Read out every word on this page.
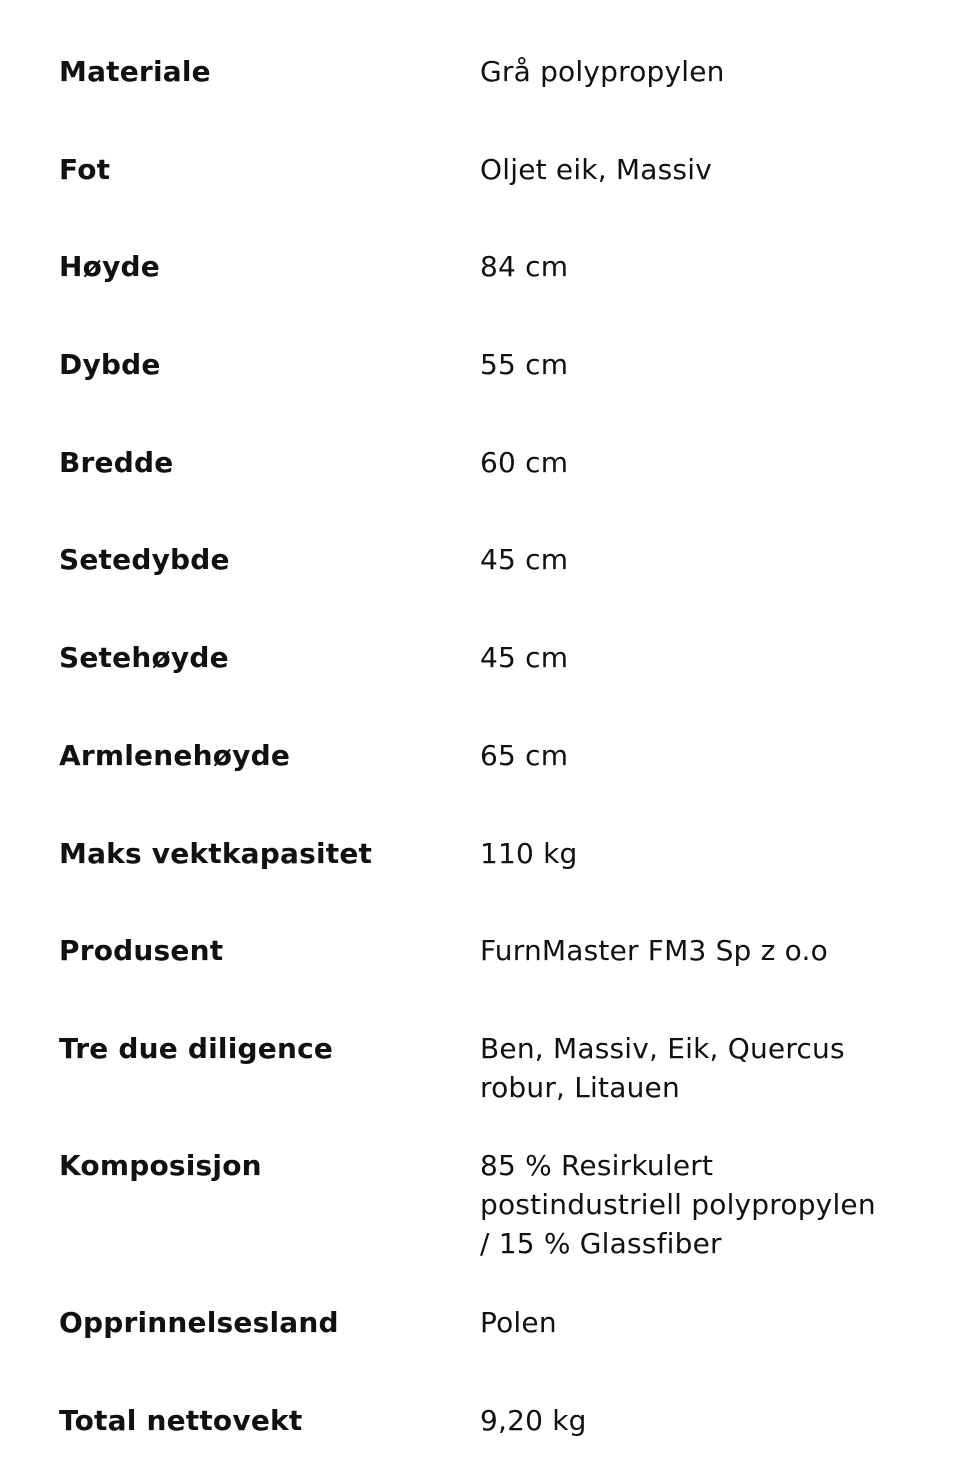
Materiale	Grå polypropylen
Fot	Oljet eik, Massiv
Høyde	84 cm
Dybde	55 cm
Bredde	60 cm
Setedybde	45 cm
Setehøyde	45 cm
Armlenehøyde	65 cm
Maks vektkapasitet	110 kg
Produsent	FurnMaster FM3 Sp z o.o
Tre due diligence	Ben, Massiv, Eik, Quercus
robur, Litauen
Komposisjon	85 % Resirkulert
postindustriell polypropylen
/ 15 % Glassfiber
Opprinnelsesland	Polen
Total nettovekt	9,20 kg
